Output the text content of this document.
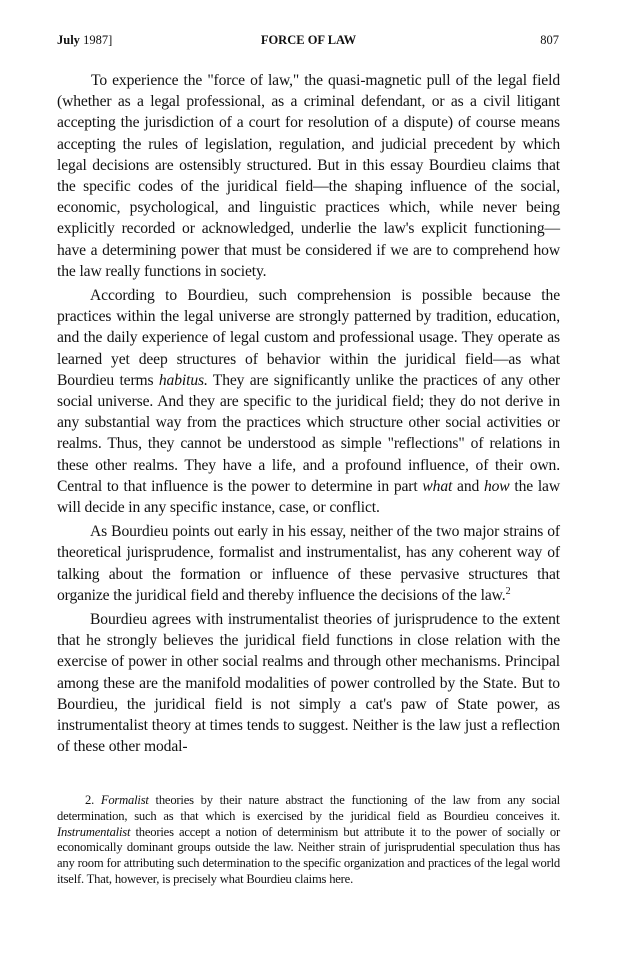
July 1987]	FORCE OF LAW	807

To experience the "force of law," the quasi-magnetic pull of the legal field (whether as a legal professional, as a criminal defendant, or as a civil litigant accepting the jurisdiction of a court for resolution of a dispute) of course means accepting the rules of legislation, regulation, and judicial precedent by which legal decisions are ostensibly structured. But in this essay Bourdieu claims that the specific codes of the juridical field—the shaping influence of the social, economic, psychological, and linguistic practices which, while never being explicitly recorded or acknowledged, underlie the law's explicit functioning—have a determining power that must be considered if we are to comprehend how the law really functions in society.

According to Bourdieu, such comprehension is possible because the practices within the legal universe are strongly patterned by tradition, education, and the daily experience of legal custom and professional usage. They operate as learned yet deep structures of behavior within the juridical field—as what Bourdieu terms habitus. They are significantly unlike the practices of any other social universe. And they are specific to the juridical field; they do not derive in any substantial way from the practices which structure other social activities or realms. Thus, they cannot be understood as simple "reflections" of relations in these other realms. They have a life, and a profound influence, of their own. Central to that influence is the power to determine in part what and how the law will decide in any specific instance, case, or conflict.

As Bourdieu points out early in his essay, neither of the two major strains of theoretical jurisprudence, formalist and instrumentalist, has any coherent way of talking about the formation or influence of these pervasive structures that organize the juridical field and thereby influence the decisions of the law.$^2$

Bourdieu agrees with instrumentalist theories of jurisprudence to the extent that he strongly believes the juridical field functions in close relation with the exercise of power in other social realms and through other mechanisms. Principal among these are the manifold modalities of power controlled by the State. But to Bourdieu, the juridical field is not simply a cat's paw of State power, as instrumentalist theory at times tends to suggest. Neither is the law just a reflection of these other modal-

2. Formalist theories by their nature abstract the functioning of the law from any social determination, such as that which is exercised by the juridical field as Bourdieu conceives it. Instrumentalist theories accept a notion of determinism but attribute it to the power of socially or economically dominant groups outside the law. Neither strain of jurisprudential speculation thus has any room for attributing such determination to the specific organization and practices of the legal world itself. That, however, is precisely what Bourdieu claims here.
